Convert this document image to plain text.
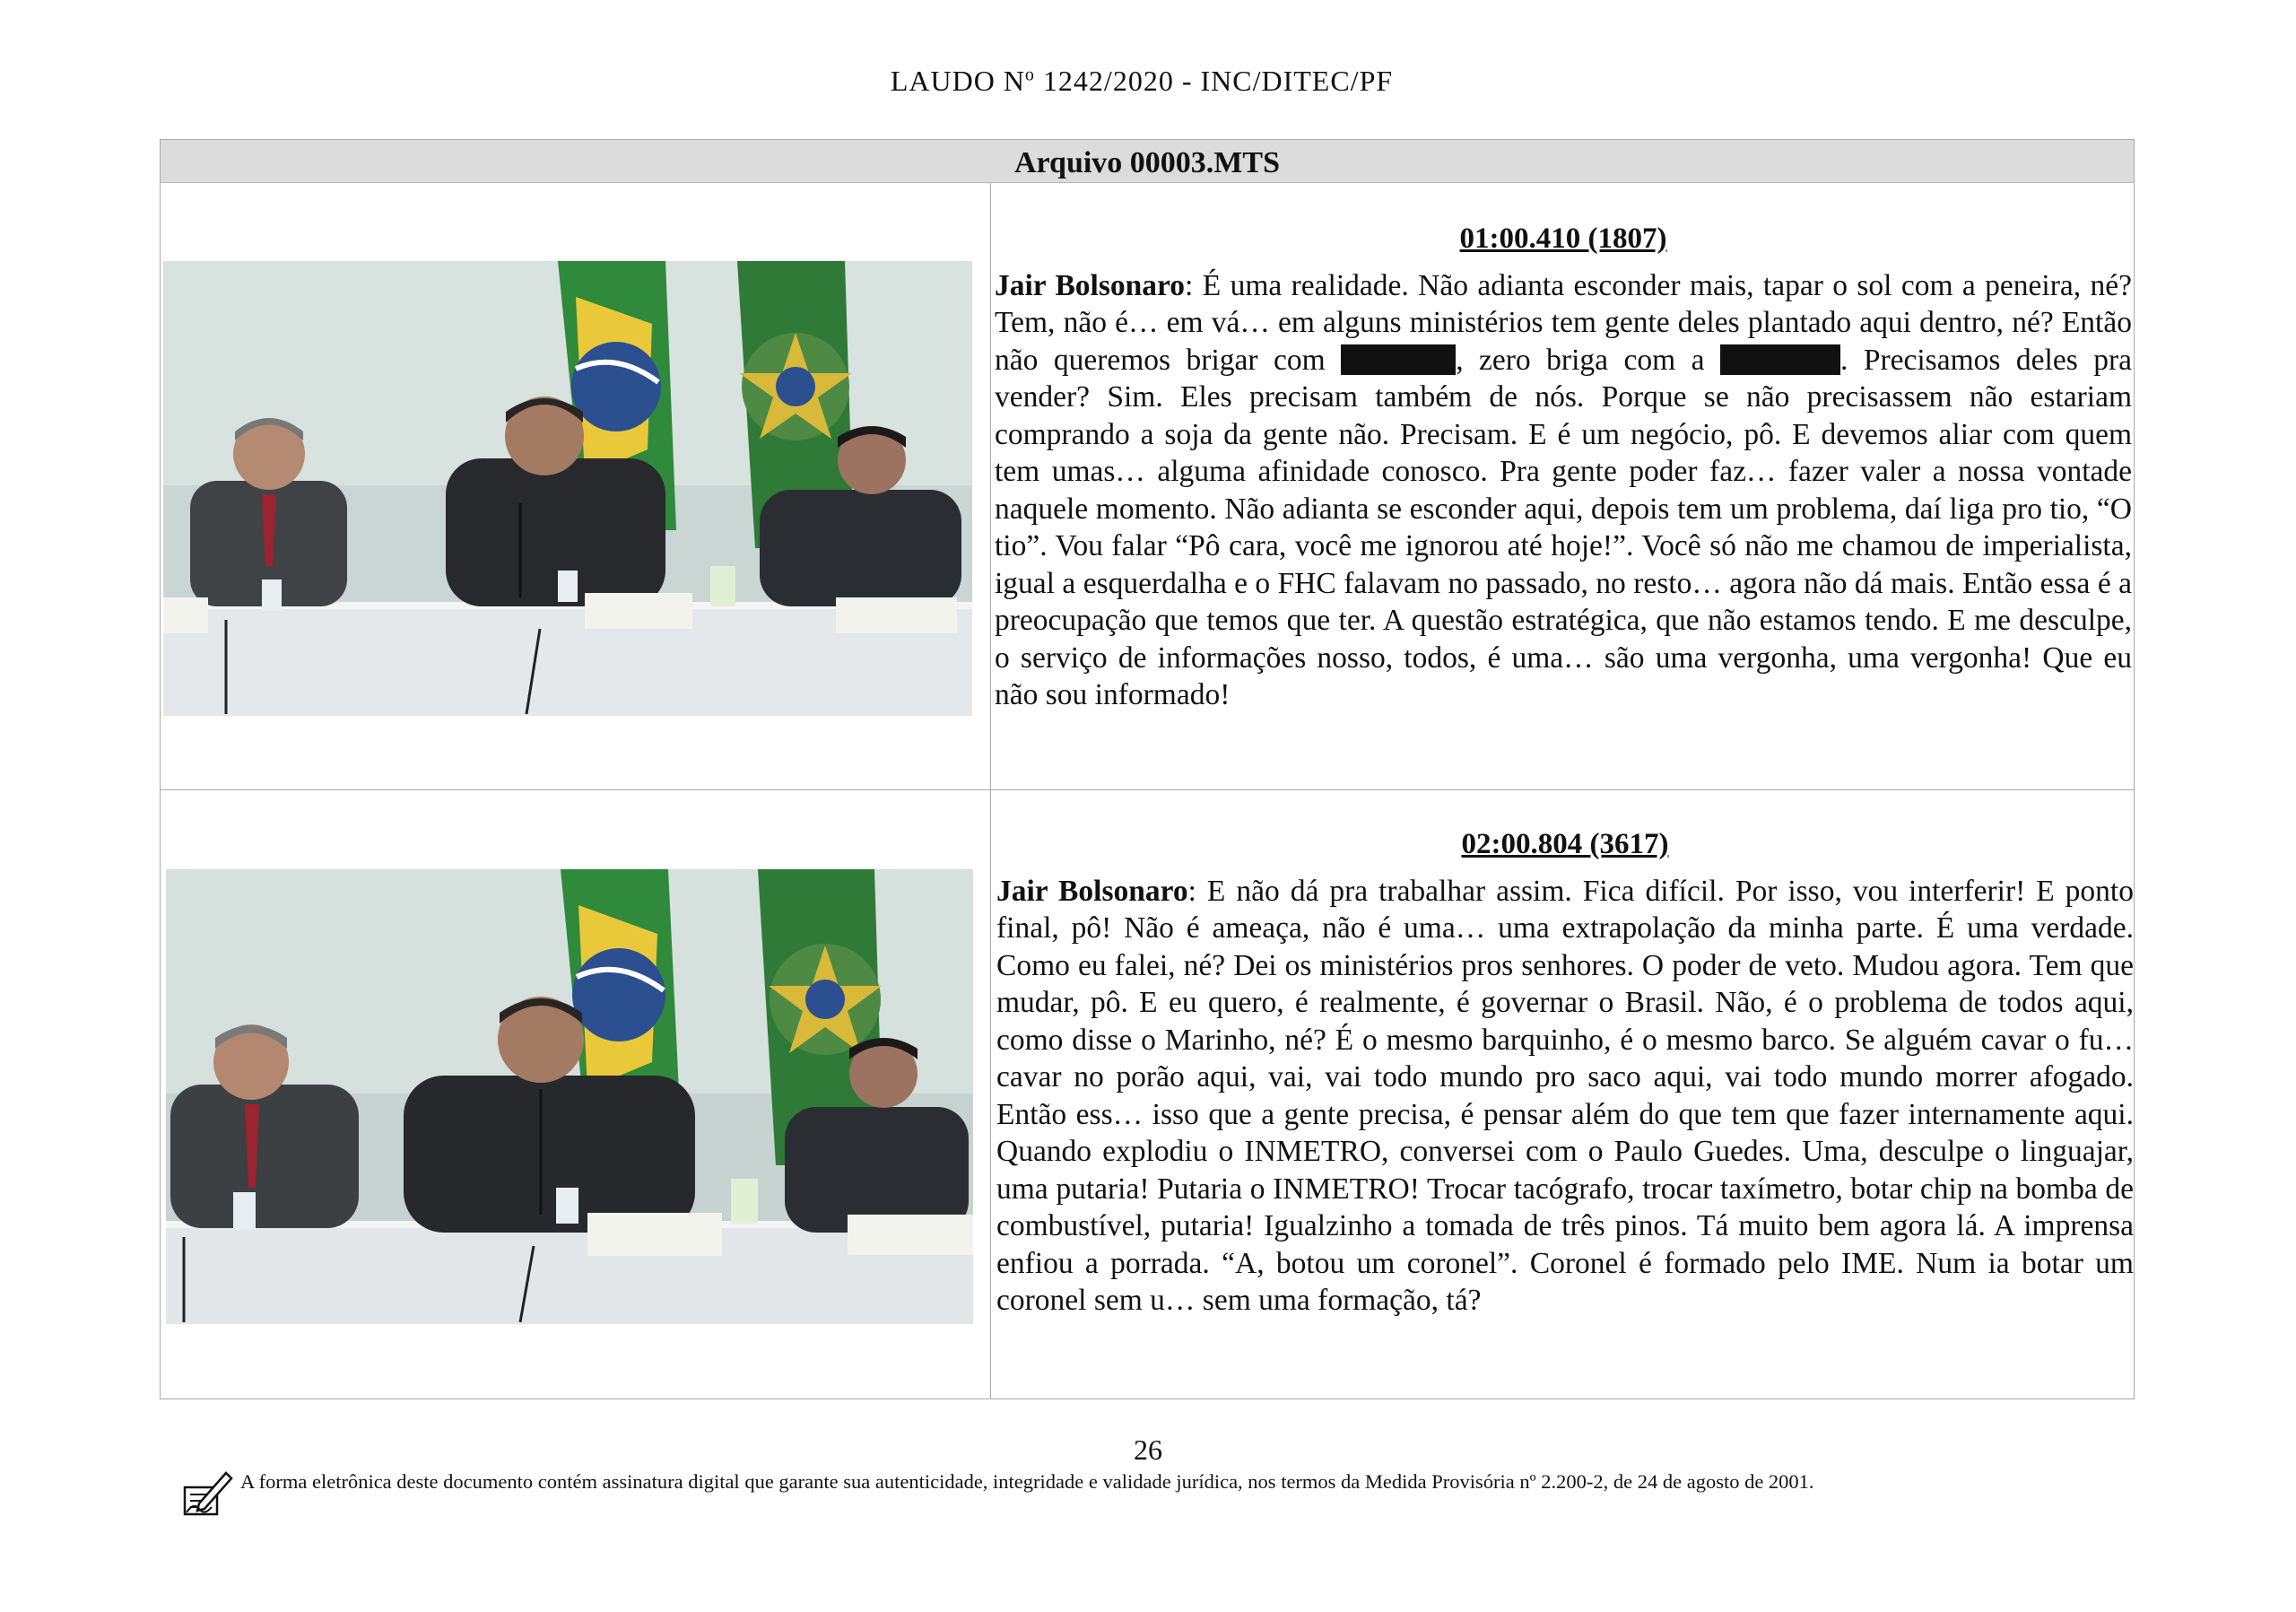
LAUDO $N^o$ 1242/2020 - INC/DITEC/PF
Arquivo 00003.MTS
01:00.410 (1807)
Jair Bolsonaro: É uma realidade. Não adianta esconder mais, tapar o sol com a peneira, né? Tem, não é… em vá… em alguns ministérios tem gente deles plantado aqui dentro, né? Então não queremos brigar com	, zero briga com a	. Precisamos deles pra vender? Sim. Eles precisam também de nós. Porque se não precisassem não estariam comprando a soja da gente não. Precisam. E é um negócio, pô. E devemos aliar com quem tem umas… alguma afinidade conosco. Pra gente poder faz… fazer valer a nossa vontade naquele momento. Não adianta se esconder aqui, depois tem um problema, daí liga pro tio, “O tio”. Vou falar “Pô cara, você me ignorou até hoje!”. Você só não me chamou de imperialista, igual a esquerdalha e o FHC falavam no passado, no resto… agora não dá mais. Então essa é a preocupação que temos que ter. A questão estratégica, que não estamos tendo. E me desculpe, o serviço de informações nosso, todos, é uma… são uma vergonha, uma vergonha! Que eu não sou informado!
02:00.804 (3617)
Jair Bolsonaro: E não dá pra trabalhar assim. Fica difícil. Por isso, vou interferir! E ponto final, pô! Não é ameaça, não é uma… uma extrapolação da minha parte. É uma verdade. Como eu falei, né? Dei os ministérios pros senhores. O poder de veto. Mudou agora. Tem que mudar, pô. E eu quero, é realmente, é governar o Brasil. Não, é o problema de todos aqui, como disse o Marinho, né? É o mesmo barquinho, é o mesmo barco. Se alguém cavar o fu… cavar no porão aqui, vai, vai todo mundo pro saco aqui, vai todo mundo morrer afogado. Então ess… isso que a gente precisa, é pensar além do que tem que fazer internamente aqui. Quando explodiu o INMETRO, conversei com o Paulo Guedes. Uma, desculpe o linguajar, uma putaria! Putaria o INMETRO! Trocar tacógrafo, trocar taxímetro, botar chip na bomba de combustível, putaria! Igualzinho a tomada de três pinos. Tá muito bem agora lá. A imprensa enfiou a porrada. “A, botou um coronel”. Coronel é formado pelo IME. Num ia botar um coronel sem u… sem uma formação, tá?
26
A forma eletrônica deste documento contém assinatura digital que garante sua autenticidade, integridade e validade jurídica, nos termos da Medida Provisória nº 2.200-2, de 24 de agosto de 2001.
